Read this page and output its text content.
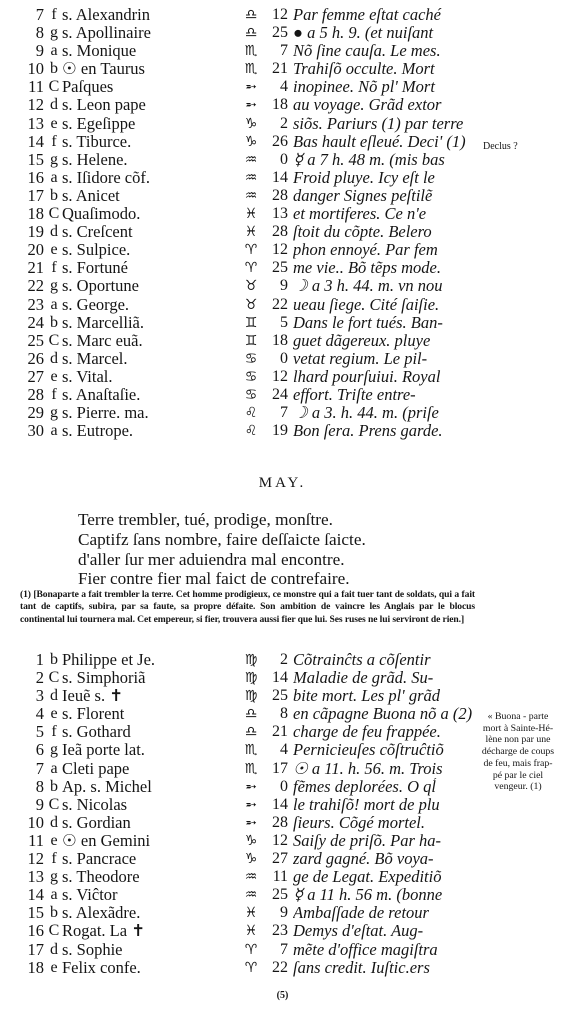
7 f s. Alexandrin	♎ 12 Par femme eſtat caché
8 g s. Apollinaire	♎ 25 ● a 5 h. 9. (et nuiſant
9 a s. Monique	♏	7 Nõ ſine cauſa. Le mes.
10 b ☉ en Taurus	♏ 21 Trahiſõ occulte. Mort
11 C Paſques	➵	4 inopinee. Nõ pl' Mort
12 d s. Leon pape	➵ 18 au voyage. Grãd extor
13 e s. Egeſippe	♑	2 siõs. Pariurs (1) par terre
14 f s. Tiburce.	♑ 26 Bas hault eſleué. Deci' (1)
15 g s. Helene.	♒	0 ☿ a 7 h. 48 m. (mis bas
16 a s. Iſidore cõf.	♒ 14 Froid pluye. Icy eſt le
17 b s. Anicet	♒ 28 danger Signes peſtilẽ
18 C Quaſimodo.	♓ 13 et mortiferes. Ce n'e
19 d s. Creſcent	♓ 28 ſtoit du cõpte. Belero
20 e s. Sulpice.	♈ 12 phon ennoyé. Par fem
21 f s. Fortuné	♈ 25 me vie.. Bõ tẽps mode.
22 g s. Oportune	♉	9 ☽ a 3 h. 44. m. vn nou
23 a s. George.	♉ 22 ueau ſiege. Cité ſaiſie.
24 b s. Marcelliã.	♊	5 Dans le fort tués. Ban-
25 C s. Marc euã.	♊ 18 guet dãgereux. pluye
26 d s. Marcel.	♋	0 vetat regium. Le pil-
27 e s. Vital.	♋ 12 lhard pourſuiui. Royal
28 f s. Anaſtaſie.	♋ 24 effort. Triſte entre-
29 g s. Pierre. ma.	♌	7 ☽ a 3. h. 44. m. (priſe
30 a s. Eutrope.	♌ 19 Bon ſera. Prens garde.
Declus ?
MAY.
Terre trembler, tué, prodige, monſtre.
Captifz ſans nombre, faire deſſaicte ſaicte.
d'aller ſur mer aduiendra mal encontre.
Fier contre fier mal faict de contrefaire.
(1) [Bonaparte a fait trembler la terre. Cet homme prodigieux, ce monstre qui a fait tuer tant de soldats, qui a fait tant de captifs, subira, par sa faute, sa propre défaite. Son ambition de vaincre les Anglais par le blocus continental lui tournera mal. Cet empereur, si fier, trouvera aussi fier que lui. Ses ruses ne lui serviront de rien.]
1 b Philippe et Je.	♍	2 Cõtrainĉts a cõſentir
2 C s. Simphoriã	♍ 14 Maladie de grãd. Su-
3 d Ieuẽ s. ✝	♍ 25 bite mort. Les pl' grãd
4 e s. Florent	♎	8 en cãpagne Buona nõ a (2)
5 f s. Gothard	♎ 21 charge de feu frappée.
6 g Ieã porte lat.	♏	4 Pernicieuſes cõſtruĉtiõ
7 a Cleti pape	♏ 17 ☉ a 11. h. 56. m. Trois
8 b Ap. s. Michel	➵	0 fẽmes deplorées. O qĺ
9 C s. Nicolas	➵ 14 le trahiſõ! mort de plu
10 d s. Gordian	➵ 28 ſieurs. Cõgé mortel.
11 e ☉ en Gemini	♑ 12 Saiſy de priſõ. Par ha-
12 f s. Pancrace	♑ 27 zard gagné. Bõ voya-
13 g s. Theodore	♒ 11 ge de Legat. Expeditiõ
14 a s. Viĉtor	♒ 25 ☿ a 11 h. 56 m. (bonne
15 b s. Alexãdre.	♓	9 Ambaſſade de retour
16 C Rogat. La ✝	♓ 23 Demys d'eſtat. Aug-
17 d s. Sophie	♈	7 mẽte d'office magiſtra
18 e Felix confe.	♈ 22 ſans credit. Iuſtic.ers
« Buona - parte mort à Sainte-Hé- lène non par une décharge de coups de feu, mais frap- pé par le ciel vengeur. (1)
(5)
